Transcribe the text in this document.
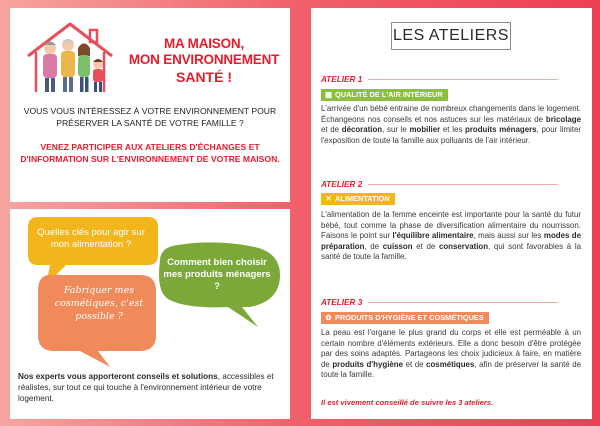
MA MAISON,
MON ENVIRONNEMENT
SANTÉ !

VOUS VOUS INTÉRESSEZ À VOTRE ENVIRONNEMENT POUR PRÉSERVER LA SANTÉ DE VOTRE FAMILLE ?

VENEZ PARTICIPER AUX ATELIERS D'ÉCHANGES ET D'INFORMATION SUR L'ENVIRONNEMENT DE VOTRE MAISON.

Quelles clés pour agir sur mon alimentation ?
Comment bien choisir mes produits ménagers ?
Fabriquer mes cosmétiques, c'est possible ?

Nos experts vous apporteront conseils et solutions, accessibles et réalistes, sur tout ce qui touche à l'environnement intérieur de votre logement.

LES ATELIERS
ATELIER 1
▦ QUALITÉ DE L'AIR INTÉRIEUR

L'arrivée d'un bébé entraine de nombreux changements dans le logement. Échangeons nos conseils et nos astuces sur les matériaux de bricolage et de décoration, sur le mobilier et les produits ménagers, pour limiter l'exposition de toute la famille aux polluants de l'air intérieur.

ATELIER 2
✕ ALIMENTATION

L'alimentation de la femme enceinte est importante pour la santé du futur bébé, tout comme la phase de diversification alimentaire du nourrisson. Faisons le point sur l'équilibre alimentaire, mais aussi sur les modes de préparation, de cuisson et de conservation, qui sont favorables à la santé de toute la famille.

ATELIER 3
✿ PRODUITS D'HYGIÈNE ET COSMÉTIQUES

La peau est l'organe le plus grand du corps et elle est perméable à un certain nombre d'éléments extérieurs. Elle a donc besoin d'être protégée par des soins adaptés. Partageons les choix judicieux à faire, en matière de produits d'hygiène et de cosmétiques, afin de préserver la santé de toute la famille.

Il est vivement conseillé de suivre les 3 ateliers.
